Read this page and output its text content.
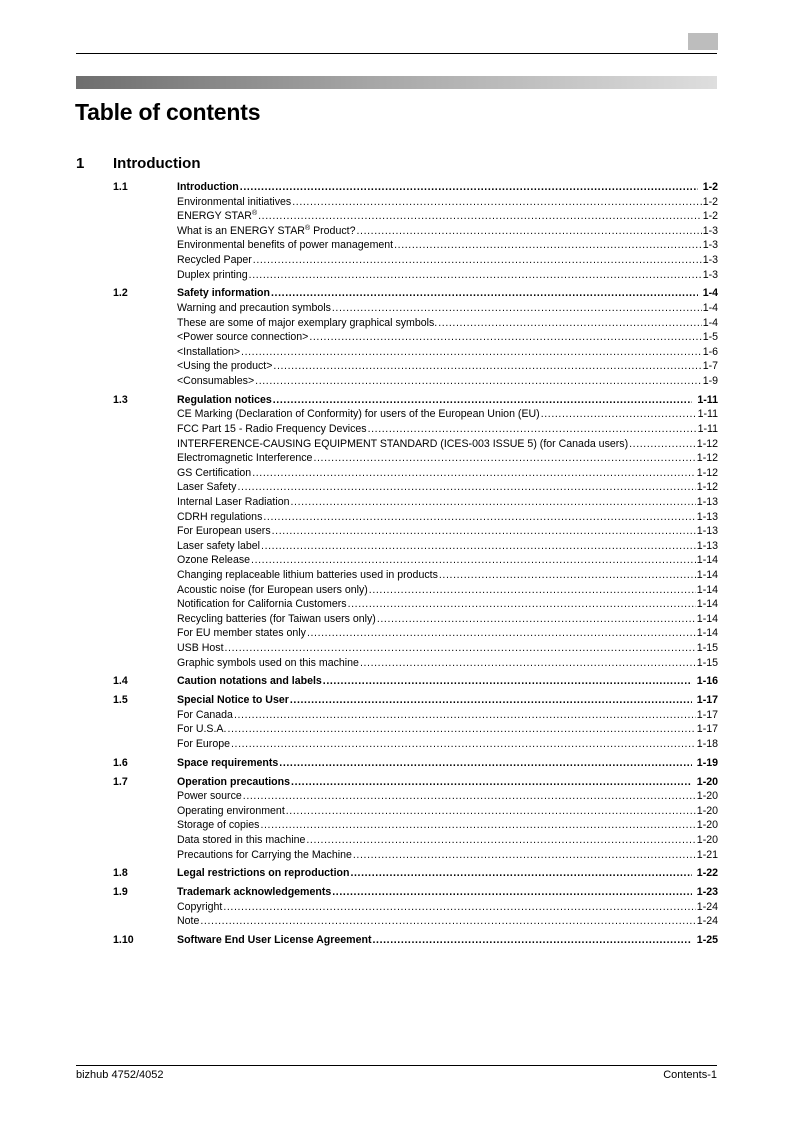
Table of contents
1 Introduction
1.1	Introduction .....	1-2
Environmental initiatives .....	1-2
ENERGY STAR® .....	1-2
What is an ENERGY STAR® Product? .....	1-3
Environmental benefits of power management .....	1-3
Recycled Paper .....	1-3
Duplex printing .....	1-3
1.2	Safety information .....	1-4
Warning and precaution symbols .....	1-4
These are some of major exemplary graphical symbols. .....	1-4
<Power source connection> .....	1-5
<Installation> .....	1-6
<Using the product> .....	1-7
<Consumables> .....	1-9
1.3	Regulation notices .....	1-11
CE Marking (Declaration of Conformity) for users of the European Union (EU) .....	1-11
FCC Part 15 - Radio Frequency Devices .....	1-11
INTERFERENCE-CAUSING EQUIPMENT STANDARD (ICES-003 ISSUE 5) (for Canada users) .....	1-12
Electromagnetic Interference .....	1-12
GS Certification .....	1-12
Laser Safety .....	1-12
Internal Laser Radiation .....	1-13
CDRH regulations .....	1-13
For European users .....	1-13
Laser safety label .....	1-13
Ozone Release .....	1-14
Changing replaceable lithium batteries used in products .....	1-14
Acoustic noise (for European users only) .....	1-14
Notification for California Customers .....	1-14
Recycling batteries (for Taiwan users only) .....	1-14
For EU member states only .....	1-14
USB Host .....	1-15
Graphic symbols used on this machine .....	1-15
1.4	Caution notations and labels .....	1-16
1.5	Special Notice to User .....	1-17
For Canada .....	1-17
For U.S.A. .....	1-17
For Europe .....	1-18
1.6	Space requirements .....	1-19
1.7	Operation precautions .....	1-20
Power source .....	1-20
Operating environment .....	1-20
Storage of copies .....	1-20
Data stored in this machine .....	1-20
Precautions for Carrying the Machine .....	1-21
1.8	Legal restrictions on reproduction .....	1-22
1.9	Trademark acknowledgements .....	1-23
Copyright .....	1-24
Note .....	1-24
1.10	Software End User License Agreement .....	1-25
bizhub 4752/4052	Contents-1
